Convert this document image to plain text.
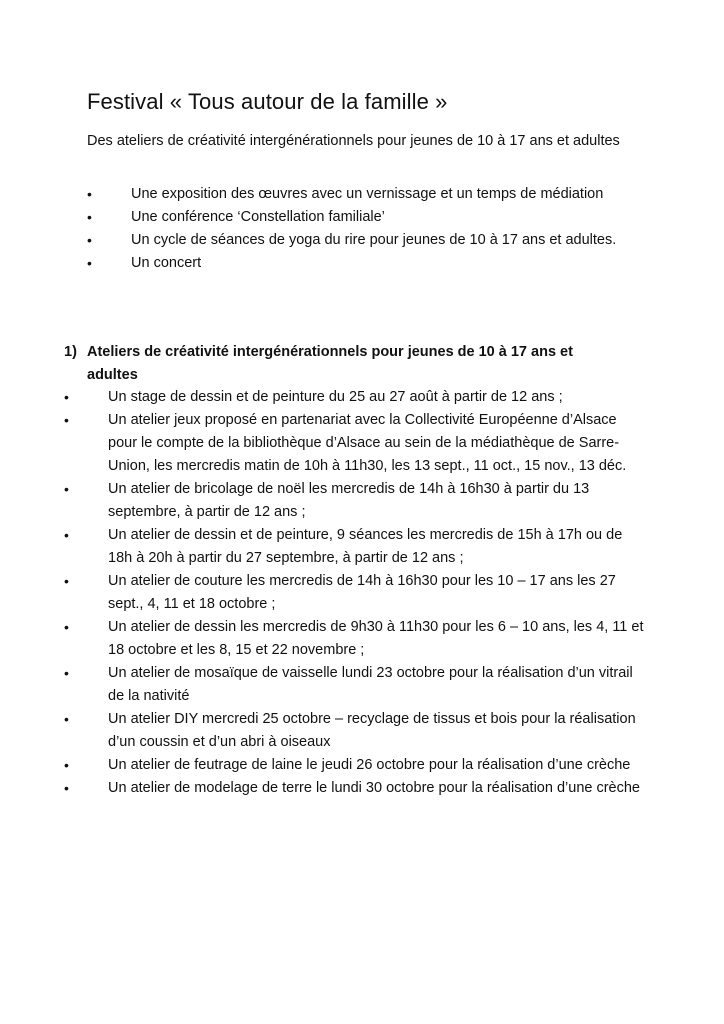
Festival « Tous autour de la famille »

Des ateliers de créativité intergénérationnels pour jeunes de 10 à 17 ans et adultes

•	Une exposition des œuvres avec un vernissage et un temps de médiation
•	Une conférence ‘Constellation familiale’
•	Un cycle de séances de yoga du rire pour jeunes de 10 à 17 ans et adultes.
•	Un concert
1) Ateliers de créativité intergénérationnels pour jeunes de 10 à 17 ans et adultes
•	Un stage de dessin et de peinture du 25 au 27 août à partir de 12 ans ;
•	Un atelier jeux proposé en partenariat avec la Collectivité Européenne d’Alsace pour le compte de la bibliothèque d’Alsace au sein de la médiathèque de Sarre-Union, les mercredis matin de 10h à 11h30, les 13 sept., 11 oct., 15 nov., 13 déc.
•	Un atelier de bricolage de noël les mercredis de 14h à 16h30 à partir du 13 septembre, à partir de 12 ans ;
•	Un atelier de dessin et de peinture, 9 séances les mercredis de 15h à 17h ou de 18h à 20h à partir du 27 septembre, à partir de 12 ans ;
•	Un atelier de couture les mercredis de 14h à 16h30 pour les 10 – 17 ans les 27 sept., 4, 11 et 18 octobre ;
•	Un atelier de dessin les mercredis de 9h30 à 11h30 pour les 6 – 10 ans, les 4, 11 et 18 octobre et les 8, 15 et 22 novembre ;
•	Un atelier de mosaïque de vaisselle lundi 23 octobre pour la réalisation d’un vitrail de la nativité
•	Un atelier DIY mercredi 25 octobre – recyclage de tissus et bois pour la réalisation d’un coussin et d’un abri à oiseaux
•	Un atelier de feutrage de laine le jeudi 26 octobre pour la réalisation d’une crèche
•	Un atelier de modelage de terre le lundi 30 octobre pour la réalisation d’une crèche
